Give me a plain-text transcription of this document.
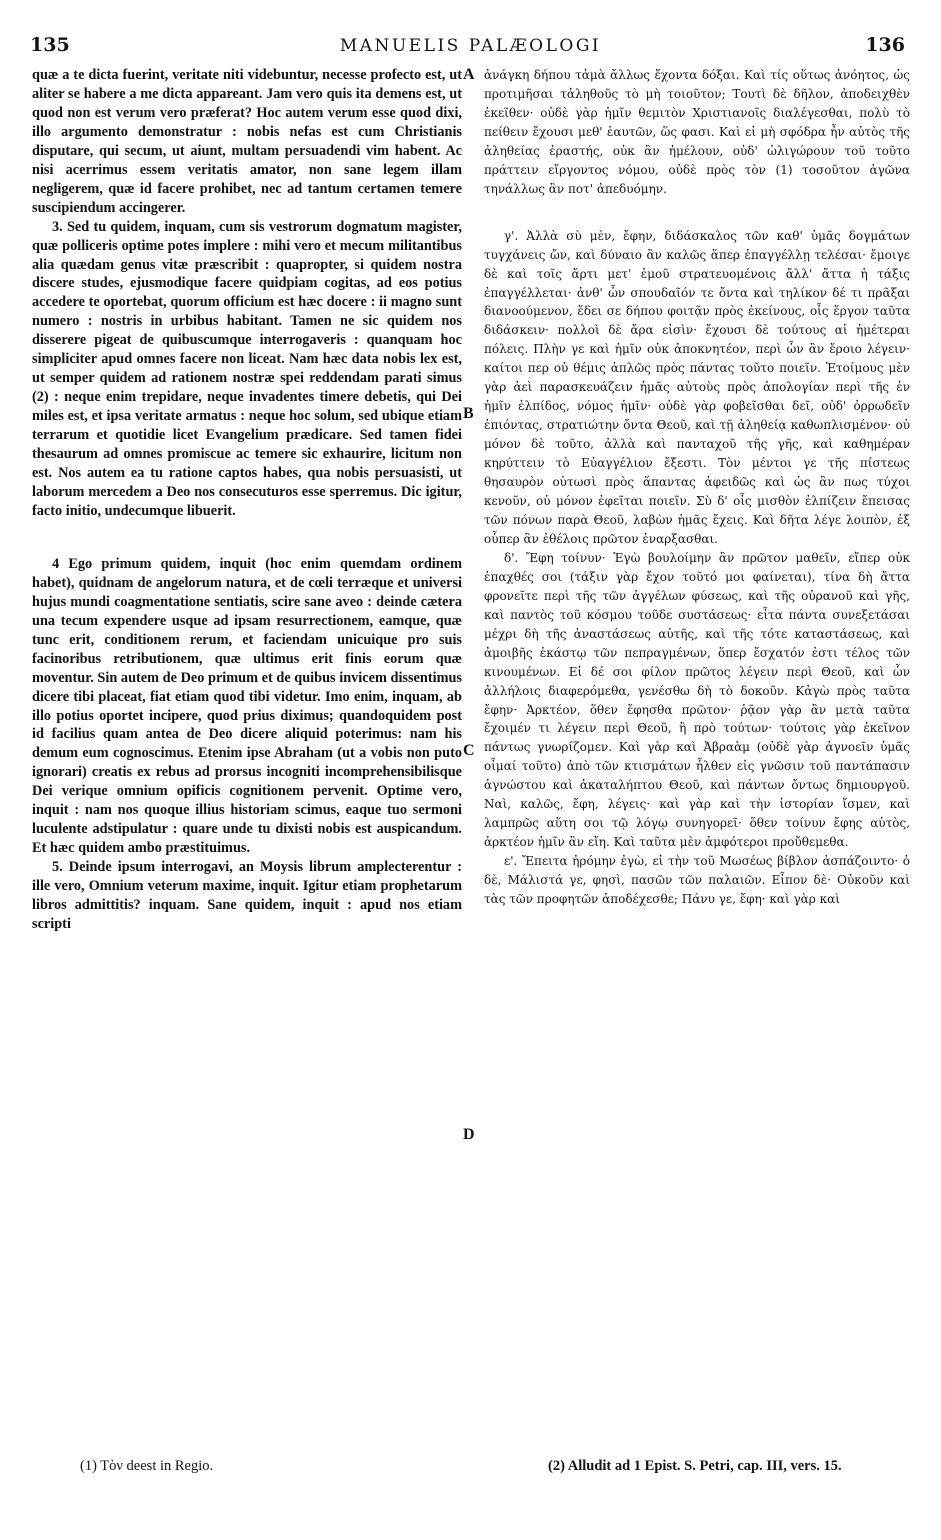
135	MANUELIS PALÆOLOGI	136
A
B
C
D

quæ a te dicta fuerint, veritate niti videbuntur, necesse profecto est, ut aliter se habere a me dicta appareant. Jam vero quis ita demens est, ut quod non est verum vero præferat? Hoc autem verum esse quod dixi, illo argumento demonstratur : nobis nefas est cum Christianis disputare, qui secum, ut aiunt, multam persuadendi vim habent. Ac nisi acerrimus essem veritatis amator, non sane legem illam negligerem, quæ id facere prohibet, nec ad tantum certamen temere suscipiendum accingerer.

3. Sed tu quidem, inquam, cum sis vestrorum dogmatum magister, quæ polliceris optime potes implere : mihi vero et mecum militantibus alia quædam genus vitæ præscribit : quapropter, si quidem nostra discere studes, ejusmodique facere quidpiam cogitas, ad eos potius accedere te oportebat, quorum officium est hæc docere : ii magno sunt numero : nostris in urbibus habitant. Tamen ne sic quidem nos disserere pigeat de quibuscumque interrogaveris : quanquam hoc simpliciter apud omnes facere non liceat. Nam hæc data nobis lex est, ut semper quidem ad rationem nostræ spei reddendam parati simus (2) : neque enim trepidare, neque invadentes timere debetis, qui Dei miles est, et ipsa veritate armatus : neque hoc solum, sed ubique etiam terrarum et quotidie licet Evangelium prædicare. Sed tamen fidei thesaurum ad omnes promiscue ac temere sic exhaurire, licitum non est. Nos autem ea tu ratione captos habes, qua nobis persuasisti, ut laborum mercedem a Deo nos consecuturos esse sperremus. Dic igitur, facto initio, undecumque libuerit.

4 Ego primum quidem, inquit (hoc enim quemdam ordinem habet), quidnam de angelorum natura, et de cœli terræque et universi hujus mundi coagmentatione sentiatis, scire sane aveo : deinde cætera una tecum expendere usque ad ipsam resurrectionem, eamque, quæ tunc erit, conditionem rerum, et faciendam unicuique pro suis facinoribus retributionem, quæ ultimus erit finis eorum quæ moventur. Sin autem de Deo primum et de quibus invicem dissentimus dicere tibi placeat, fiat etiam quod tibi videtur. Imo enim, inquam, ab illo potius oportet incipere, quod prius diximus; quandoquidem post id facilius quam antea de Deo dicere aliquid poterimus: nam his demum eum cognoscimus. Etenim ipse Abraham (ut a vobis non puto ignorari) creatis ex rebus ad prorsus incogniti incomprehensibilisque Dei verique omnium opificis cognitionem pervenit. Optime vero, inquit : nam nos quoque illius historiam scimus, eaque tuo sermoni luculente adstipulatur : quare unde tu dixisti nobis est auspicandum. Et hæc quidem ambo præstituimus.

5. Deinde ipsum interrogavi, an Moysis librum amplecterentur : ille vero, Omnium veterum maxime, inquit. Igitur etiam prophetarum libros admittitis? inquam. Sane quidem, inquit : apud nos etiam scripti

ἀνάγκη δήπου τἀμὰ ἄλλως ἔχοντα δόξαι. Καὶ τίς οὕτως ἀνόητος, ὡς προτιμῆσαι τἀληθοῦς τὸ μὴ τοιοῦτον; Τουτὶ δὲ δῆλον, ἀποδειχθὲν ἐκεῖθεν· οὐδὲ γὰρ ἡμῖν θεμιτὸν Χριστιανοῖς διαλέγεσθαι, πολὺ τὸ πείθειν ἔχουσι μεθ' ἑαυτῶν, ὥς φασι. Καὶ εἰ μὴ σφόδρα ἦν αὐτὸς τῆς ἀληθείας ἐραστής, οὐκ ἂν ἠμέλουν, οὐδ' ὠλιγώρουν τοῦ τοῦτο πράττειν εἴργοντος νόμου, οὐδὲ πρὸς τὸν (1) τοσοῦτον ἀγῶνα τηνάλλως ἂν ποτ' ἀπεδυόμην.

γ'. Ἀλλὰ σὺ μὲν, ἔφην, διδάσκαλος τῶν καθ' ὑμᾶς δογμάτων τυγχάνεις ὤν, καὶ δύναιο ἂν καλῶς ἅπερ ἐπαγγέλλῃ τελέσαι· ἔμοιγε δὲ καὶ τοῖς ἄρτι μετ' ἐμοῦ στρατευομένοις ἄλλ' ἄττα ἡ τάξις ἐπαγγέλλεται· ἀνθ' ὧν σπουδαῖόν τε ὄντα καὶ τηλίκον δέ τι πρᾶξαι διανοούμενον, ἔδει σε δήπου φοιτᾷν πρὸς ἐκείνους, οἷς ἔργον ταῦτα διδάσκειν· πολλοὶ δὲ ἄρα εἰσὶν· ἔχουσι δὲ τούτους αἱ ἡμέτεραι πόλεις. Πλὴν γε καὶ ἡμῖν οὐκ ἀποκνητέον, περὶ ὧν ἂν ἔροιο λέγειν· καίτοι περ οὐ θέμις ἁπλῶς πρὸς πάντας τοῦτο ποιεῖν. Ἑτοίμους μὲν γὰρ ἀεὶ παρασκευάζειν ἡμᾶς αὐτοὺς πρὸς ἀπολογίαν περὶ τῆς ἐν ἡμῖν ἐλπίδος, νόμος ἡμῖν· οὐδὲ γὰρ φοβεῖσθαι δεῖ, οὐδ' ὀρρωδεῖν ἐπιόντας, στρατιώτην ὄντα Θεοῦ, καὶ τῇ ἀληθείᾳ καθωπλισμένον· οὐ μόνον δὲ τοῦτο, ἀλλὰ καὶ πανταχοῦ τῆς γῆς, καὶ καθημέραν κηρύττειν τὸ Εὐαγγέλιον ἔξεστι. Τὸν μέντοι γε τῆς πίστεως θησαυρὸν οὑτωσὶ πρὸς ἅπαντας ἀφειδῶς καὶ ὡς ἂν πως τύχοι κενοῦν, οὐ μόνον ἐφεῖται ποιεῖν. Σὺ δ' οἷς μισθὸν ἐλπίζειν ἔπεισας τῶν πόνων παρὰ Θεοῦ, λαβὼν ἡμᾶς ἔχεις. Καὶ δῆτα λέγε λοιπὸν, ἐξ οὗπερ ἂν ἐθέλοις πρῶτον ἐναρξασθαι.

δ'. Ἔφη τοίνυν· Ἐγὼ βουλοίμην ἂν πρῶτον μαθεῖν, εἴπερ οὐκ ἐπαχθές σοι (τάξιν γὰρ ἔχον τοῦτό μοι φαίνεται), τίνα δὴ ἄττα φρονεῖτε περὶ τῆς τῶν ἀγγέλων φύσεως, καὶ τῆς οὐρανοῦ καὶ γῆς, καὶ παντὸς τοῦ κόσμου τοῦδε συστάσεως· εἶτα πάντα συνεξετάσαι μέχρι δὴ τῆς ἀναστάσεως αὐτῆς, καὶ τῆς τότε καταστάσεως, καὶ ἀμοιβῆς ἑκάστῳ τῶν πεπραγμένων, ὅπερ ἔσχατόν ἐστι τέλος τῶν κινουμένων. Εἰ δέ σοι φίλον πρῶτος λέγειν περὶ Θεοῦ, καὶ ὧν ἀλλήλοις διαφερόμεθα, γενέσθω δὴ τὸ δοκοῦν. Κἀγὼ πρὸς ταῦτα ἔφην· Ἀρκτέον, ὅθεν ἔφησθα πρῶτον· ῥᾷον γὰρ ἂν μετὰ ταῦτα ἔχοιμέν τι λέγειν περὶ Θεοῦ, ἢ πρὸ τούτων· τούτοις γὰρ ἐκεῖνον πάντως γνωρίζομεν. Καὶ γὰρ καὶ Ἀβραὰμ (οὐδὲ γὰρ ἀγνοεῖν ὑμᾶς οἶμαί τοῦτο) ἀπὸ τῶν κτισμάτων ἦλθεν εἰς γνῶσιν τοῦ παντάπασιν ἀγνώστου καὶ ἀκαταλήπτου Θεοῦ, καὶ πάντων ὄντως δημιουργοῦ. Ναὶ, καλῶς, ἔφη, λέγεις· καὶ γὰρ καὶ τὴν ἱστορίαν ἴσμεν, καὶ λαμπρῶς αὕτη σοι τῷ λόγῳ συνηγορεῖ· ὅθεν τοίνυν ἔφης αὐτὸς, ἀρκτέον ἡμῖν ἂν εἴη. Καὶ ταῦτα μὲν ἀμφότεροι προὔθεμεθα.

ε'. Ἔπειτα ἠρόμην ἐγὼ, εἰ τὴν τοῦ Μωσέως βίβλον ἀσπάζοιντο· ὁ δὲ, Μάλιστά γε, φησὶ, πασῶν τῶν παλαιῶν. Εἶπον δὲ· Οὐκοῦν καὶ τὰς τῶν προφητῶν ἀποδέχεσθε; Πάνυ γε, ἔφη· καὶ γὰρ καὶ

(1) Τὸν deest in Regio.	(2) Alludit ad 1 Epist. S. Petri, cap. III, vers. 15.
